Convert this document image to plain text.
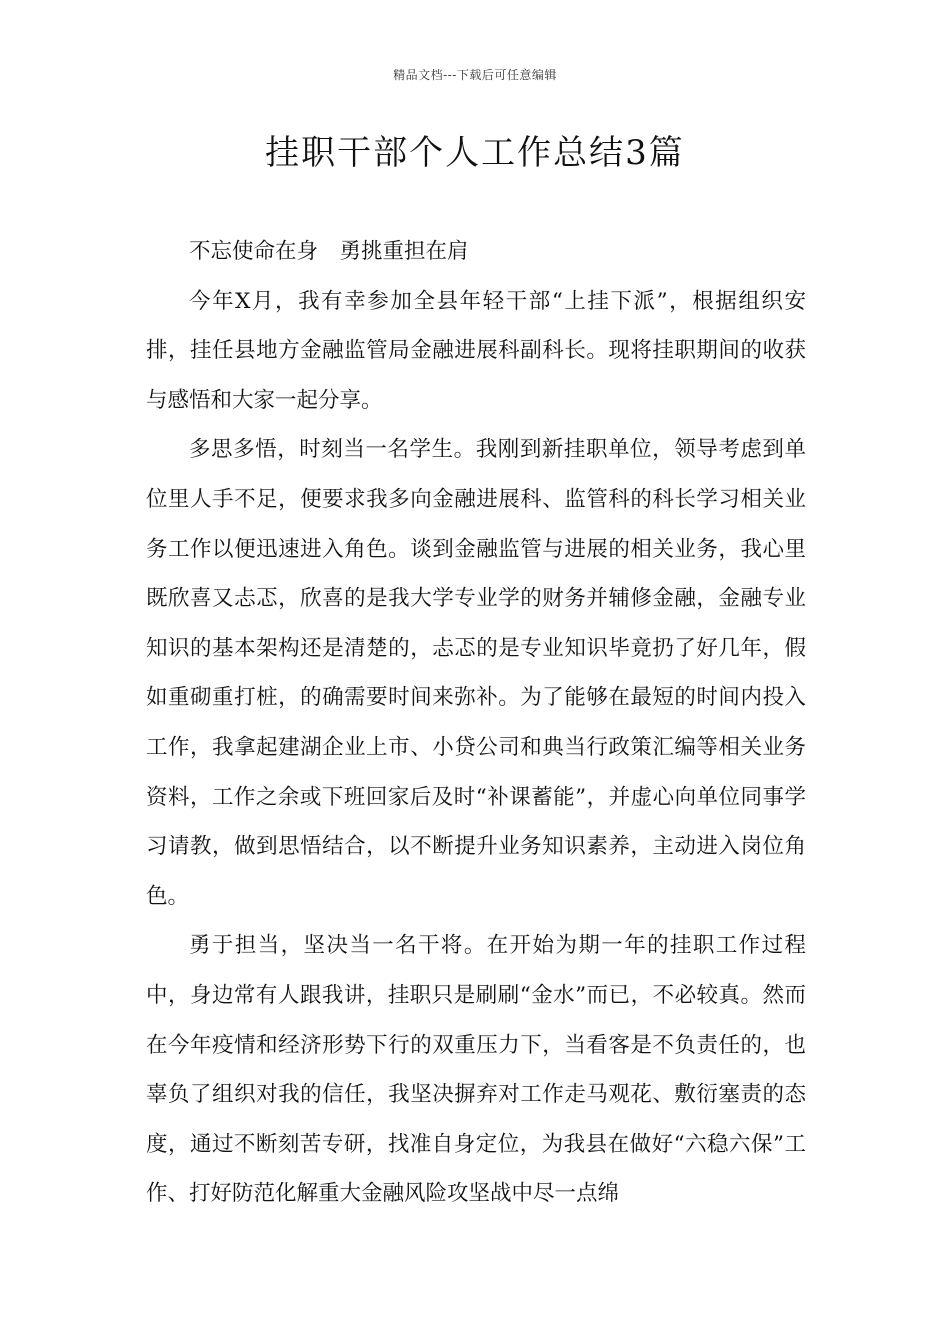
精品文档---下载后可任意编辑
挂职干部个人工作总结3篇

不忘使命在身　勇挑重担在肩

今年X月，我有幸参加全县年轻干部“上挂下派”，根据组织安排，挂任县地方金融监管局金融进展科副科长。现将挂职期间的收获与感悟和大家一起分享。

多思多悟，时刻当一名学生。我刚到新挂职单位，领导考虑到单位里人手不足，便要求我多向金融进展科、监管科的科长学习相关业务工作以便迅速进入角色。谈到金融监管与进展的相关业务，我心里既欣喜又忐忑，欣喜的是我大学专业学的财务并辅修金融，金融专业知识的基本架构还是清楚的，忐忑的是专业知识毕竟扔了好几年，假如重砌重打桩，的确需要时间来弥补。为了能够在最短的时间内投入工作，我拿起建湖企业上市、小贷公司和典当行政策汇编等相关业务资料，工作之余或下班回家后及时“补课蓄能”，并虚心向单位同事学习请教，做到思悟结合，以不断提升业务知识素养，主动进入岗位角色。

勇于担当，坚决当一名干将。在开始为期一年的挂职工作过程中，身边常有人跟我讲，挂职只是刷刷“金水”而已，不必较真。然而在今年疫情和经济形势下行的双重压力下，当看客是不负责任的，也辜负了组织对我的信任，我坚决摒弃对工作走马观花、敷衍塞责的态度，通过不断刻苦专研，找准自身定位，为我县在做好“六稳六保”工作、打好防范化解重大金融风险攻坚战中尽一点绵
